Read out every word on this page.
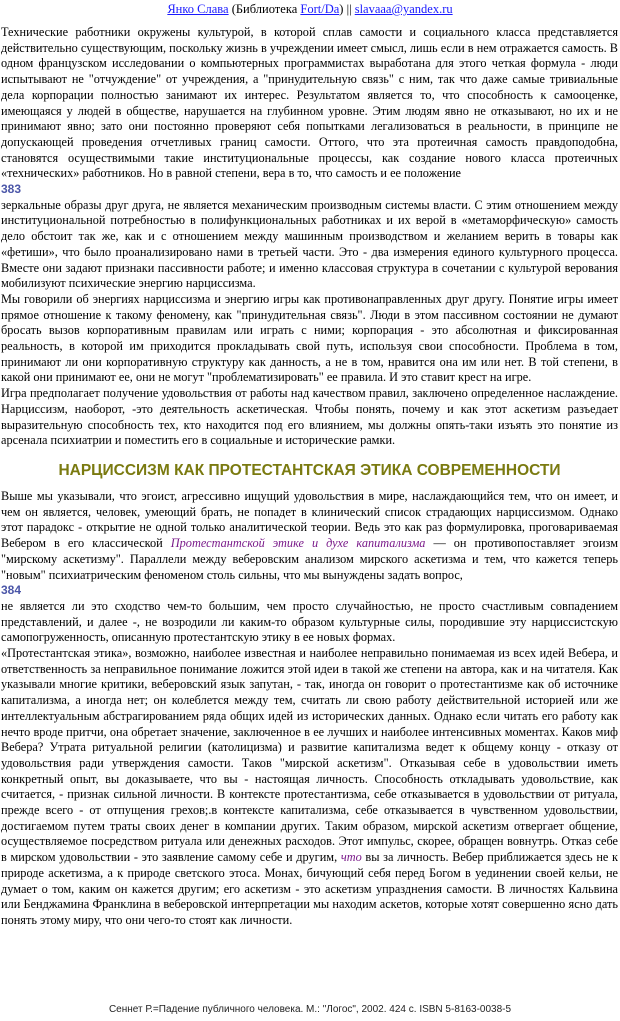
Янко Слава (Библиотека Fort/Da) || slavaaa@yandex.ru

Технические работники окружены культурой, в которой сплав самости и социального класса представляется действительно существующим, поскольку жизнь в учреждении имеет смысл, лишь если в нем отражается самость. В одном французском исследовании о компьютерных программистах выработана для этого четкая формула - люди испытывают не "отчуждение" от учреждения, а "принудительную связь" с ним, так что даже самые тривиальные дела корпорации полностью занимают их интерес. Результатом является то, что способность к самооценке, имеющаяся у людей в обществе, нарушается на глубинном уровне. Этим людям явно не отказывают, но их и не принимают явно; зато они постоянно проверяют себя попытками легализоваться в реальности, в принципе не допускающей проведения отчетливых границ самости. Оттого, что эта протеичная самость правдоподобна, становятся осуществимыми такие институциональные процессы, как создание нового класса протеичных «технических» работников. Но в равной степени, вера в то, что самость и ее положение

383

зеркальные образы друг друга, не является механическим производным системы власти. С этим отношением между институциональной потребностью в полифункциональных работниках и их верой в «метаморфическую» самость дело обстоит так же, как и с отношением между машинным производством и желанием верить в товары как «фетиши», что было проанализировано нами в третьей части. Это - два измерения единого культурного процесса. Вместе они задают признаки пассивности работе; и именно классовая структура в сочетании с культурой верования мобилизуют психические энергию нарциссизма.

Мы говорили об энергиях нарциссизма и энергию игры как противонаправленных друг другу. Понятие игры имеет прямое отношение к такому феномену, как "принудительная связь". Люди в этом пассивном состоянии не думают бросать вызов корпоративным правилам или играть с ними; корпорация - это абсолютная и фиксированная реальность, в которой им приходится прокладывать свой путь, используя свои способности. Проблема в том, принимают ли они корпоративную структуру как данность, а не в том, нравится она им или нет. В той степени, в какой они принимают ее, они не могут "проблематизировать" ее правила. И это ставит крест на игре.

Игра предполагает получение удовольствия от работы над качеством правил, заключено определенное наслаждение. Нарциссизм, наоборот, -это деятельность аскетическая. Чтобы понять, почему и как этот аскетизм разъедает выразительную способность тех, кто находится под его влиянием, мы должны опять-таки изъять это понятие из арсенала психиатрии и поместить его в социальные и исторические рамки.

НАРЦИССИЗМ КАК ПРОТЕСТАНТСКАЯ ЭТИКА СОВРЕМЕННОСТИ

Выше мы указывали, что эгоист, агрессивно ищущий удовольствия в мире, наслаждающийся тем, что он имеет, и чем он является, человек, умеющий брать, не попадет в клинический список страдающих нарциссизмом. Однако этот парадокс - открытие не одной только аналитической теории. Ведь это как раз формулировка, проговариваемая Вебером в его классической Протестантской этике и духе капитализма — он противопоставляет эгоизм "мирскому аскетизму". Параллели между веберовским анализом мирского аскетизма и тем, что кажется теперь "новым" психиатрическим феноменом столь сильны, что мы вынуждены задать вопрос,

384

не является ли это сходство чем-то большим, чем просто случайностью, не просто счастливым совпадением представлений, и далее -, не возродили ли каким-то образом культурные силы, породившие эту нарциссистскую самопогруженность, описанную протестантскую этику в ее новых формах.

«Протестантская этика», возможно, наиболее известная и наиболее неправильно понимаемая из всех идей Вебера, и ответственность за неправильное понимание ложится этой идеи в такой же степени на автора, как и на читателя. Как указывали многие критики, веберовский язык запутан, - так, иногда он говорит о протестантизме как об источнике капитализма, а иногда нет; он колеблется между тем, считать ли свою работу действительной историей или же интеллектуальным абстрагированием ряда общих идей из исторических данных. Однако если читать его работу как нечто вроде притчи, она обретает значение, заключенное в ее лучших и наиболее интенсивных моментах. Каков миф Вебера? Утрата ритуальной религии (католицизма) и развитие капитализма ведет к общему концу - отказу от удовольствия ради утверждения самости. Таков "мирской аскетизм". Отказывая себе в удовольствии иметь конкретный опыт, вы доказываете, что вы - настоящая личность. Способность откладывать удовольствие, как считается, - признак сильной личности. В контексте протестантизма, себе отказывается в удовольствии от ритуала, прежде всего - от отпущения грехов;.в контексте капитализма, себе отказывается в чувственном удовольствии, достигаемом путем траты своих денег в компании других. Таким образом, мирской аскетизм отвергает общение, осуществляемое посредством ритуала или денежных расходов. Этот импульс, скорее, обращен вовнутрь. Отказ себе в мирском удовольствии - это заявление самому себе и другим, что вы за личность. Вебер приближается здесь не к природе аскетизма, а к природе светского этоса. Монах, бичующий себя перед Богом в уединении своей кельи, не думает о том, каким он кажется другим; его аскетизм - это аскетизм упразднения самости. В личностях Кальвина или Бенджамина Франклина в веберовской интерпретации мы находим аскетов, которые хотят совершенно ясно дать понять этому миру, что они чего-то стоят как личности.

Сеннет Р.=Падение публичного человека. М.: "Логос", 2002. 424 с. ISBN 5-8163-0038-5
